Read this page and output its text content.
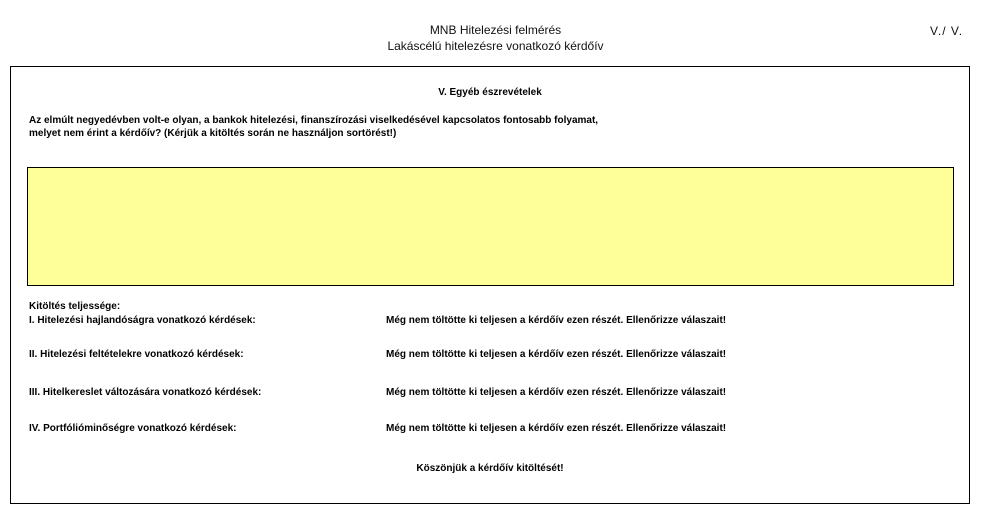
MNB Hitelezési felmérés
Lakáscélú hitelezésre vonatkozó kérdőív
V./ V.
V. Egyéb észrevételek
Az elmúlt negyedévben volt-e olyan, a bankok hitelezési, finanszírozási viselkedésével kapcsolatos fontosabb folyamat,
melyet nem érint a kérdőív? (Kérjük a kitöltés során ne használjon sortörést!)
Kitöltés teljessége:
I. Hitelezési hajlandóságra vonatkozó kérdések:	Még nem töltötte ki teljesen a kérdőív ezen részét. Ellenőrizze válaszait!
II. Hitelezési feltételekre vonatkozó kérdések:	Még nem töltötte ki teljesen a kérdőív ezen részét. Ellenőrizze válaszait!
III. Hitelkereslet változására vonatkozó kérdések:	Még nem töltötte ki teljesen a kérdőív ezen részét. Ellenőrizze válaszait!
IV. Portfólióminőségre vonatkozó kérdések:	Még nem töltötte ki teljesen a kérdőív ezen részét. Ellenőrizze válaszait!
Köszönjük a kérdőív kitöltését!
